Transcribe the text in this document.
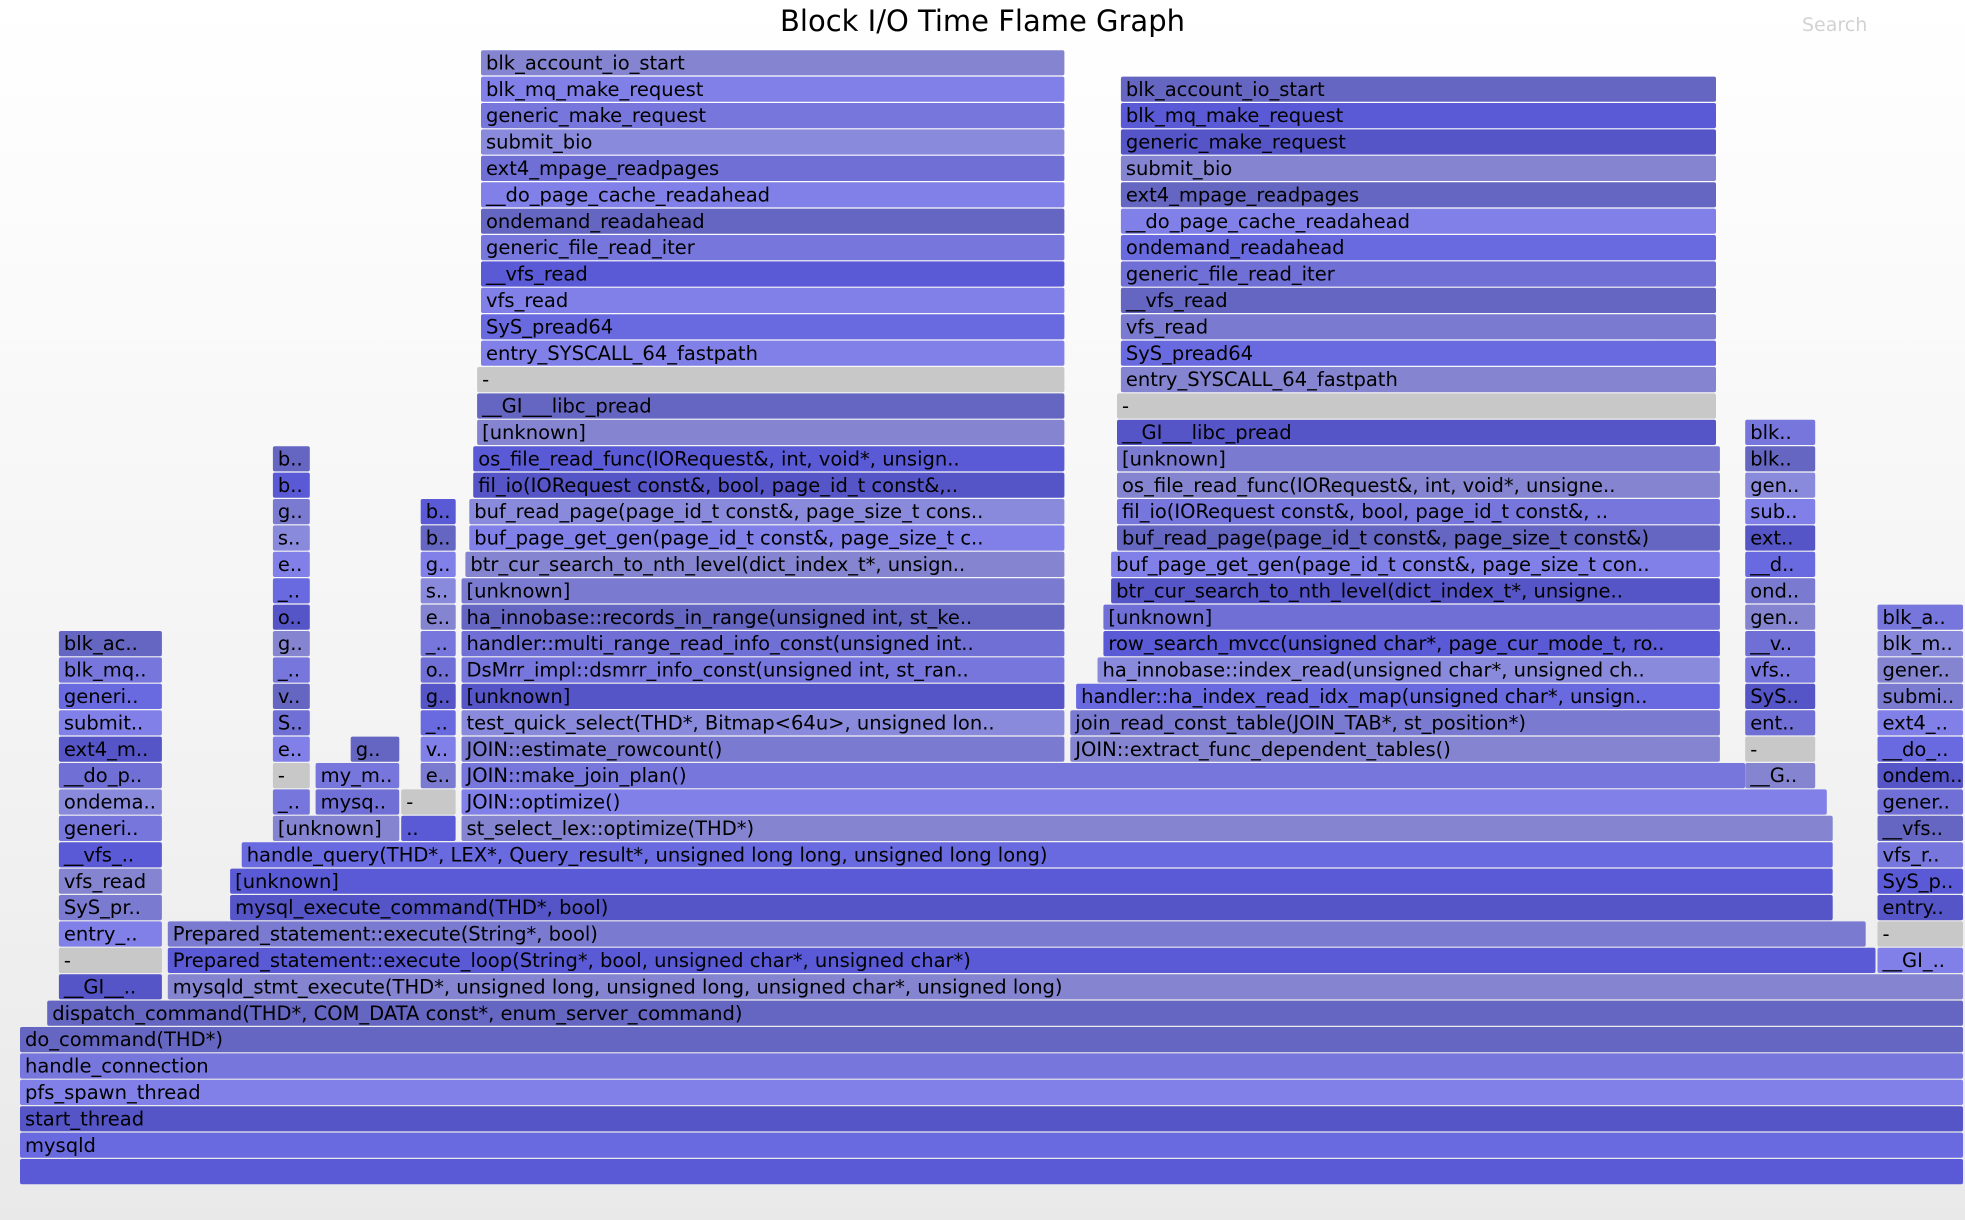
Block I/O Time Flame Graph	Search
mysqld
start_thread
pfs_spawn_thread
handle_connection
do_command(THD*)
dispatch_command(THD*, COM_DATA const*, enum_server_command)
mysqld_stmt_execute(THD*, unsigned long, unsigned long, unsigned char*, unsigned long)
Prepared_statement::execute_loop(String*, bool, unsigned char*, unsigned char*)
Prepared_statement::execute(String*, bool)
mysql_execute_command(THD*, bool)
[unknown]
handle_query(THD*, LEX*, Query_result*, unsigned long long, unsigned long long)
st_select_lex::optimize(THD*)
JOIN::optimize()
JOIN::make_join_plan()
JOIN::estimate_rowcount()
test_quick_select(THD*, Bitmap<64u>, unsigned lon..
[unknown]
DsMrr_impl::dsmrr_info_const(unsigned int, st_ran..
handler::multi_range_read_info_const(unsigned int..
ha_innobase::records_in_range(unsigned int, st_ke..
[unknown]
btr_cur_search_to_nth_level(dict_index_t*, unsign..
buf_page_get_gen(page_id_t const&, page_size_t c..
buf_read_page(page_id_t const&, page_size_t cons..
fil_io(IORequest const&, bool, page_id_t const&,..
os_file_read_func(IORequest&, int, void*, unsign..
[unknown]
__GI___libc_pread
-
entry_SYSCALL_64_fastpath
SyS_pread64
vfs_read
__vfs_read
generic_file_read_iter
ondemand_readahead
__do_page_cache_readahead
ext4_mpage_readpages
submit_bio
generic_make_request
blk_mq_make_request
blk_account_io_start
JOIN::extract_func_dependent_tables()
join_read_const_table(JOIN_TAB*, st_position*)
handler::ha_index_read_idx_map(unsigned char*, unsign..
ha_innobase::index_read(unsigned char*, unsigned ch..
row_search_mvcc(unsigned char*, page_cur_mode_t, ro..
[unknown]
btr_cur_search_to_nth_level(dict_index_t*, unsigne..
buf_page_get_gen(page_id_t const&, page_size_t con..
buf_read_page(page_id_t const&, page_size_t const&)
fil_io(IORequest const&, bool, page_id_t const&, ..
os_file_read_func(IORequest&, int, void*, unsigne..
[unknown]
__GI___libc_pread
-
entry_SYSCALL_64_fastpath
SyS_pread64
vfs_read
__vfs_read
generic_file_read_iter
ondemand_readahead
__do_page_cache_readahead
ext4_mpage_readpages
submit_bio
generic_make_request
blk_mq_make_request
blk_account_io_start
__GI__..
-
entry_..
SyS_pr..
vfs_read
__vfs_..
generi..
ondema..
__do_p..
ext4_m..
submit..
generi..
blk_mq..
blk_ac..
[unknown]
_..
-
e..
S..
v..
_..
g..
o..
_..
e..
s..
g..
b..
b..
mysq..
my_m..
g..
..
-
e..
v..
_..
g..
o..
_..
e..
s..
g..
b..
b..
SyS..
vfs..
__v..
gen..
ond..
__d..
ext..
sub..
gen..
blk..
blk..
ent..
-
__G..
__GI_..
-
entry..
SyS_p..
vfs_r..
__vfs..
gener..
ondem..
__do_..
ext4_..
submi..
gener..
blk_m..
blk_a..
